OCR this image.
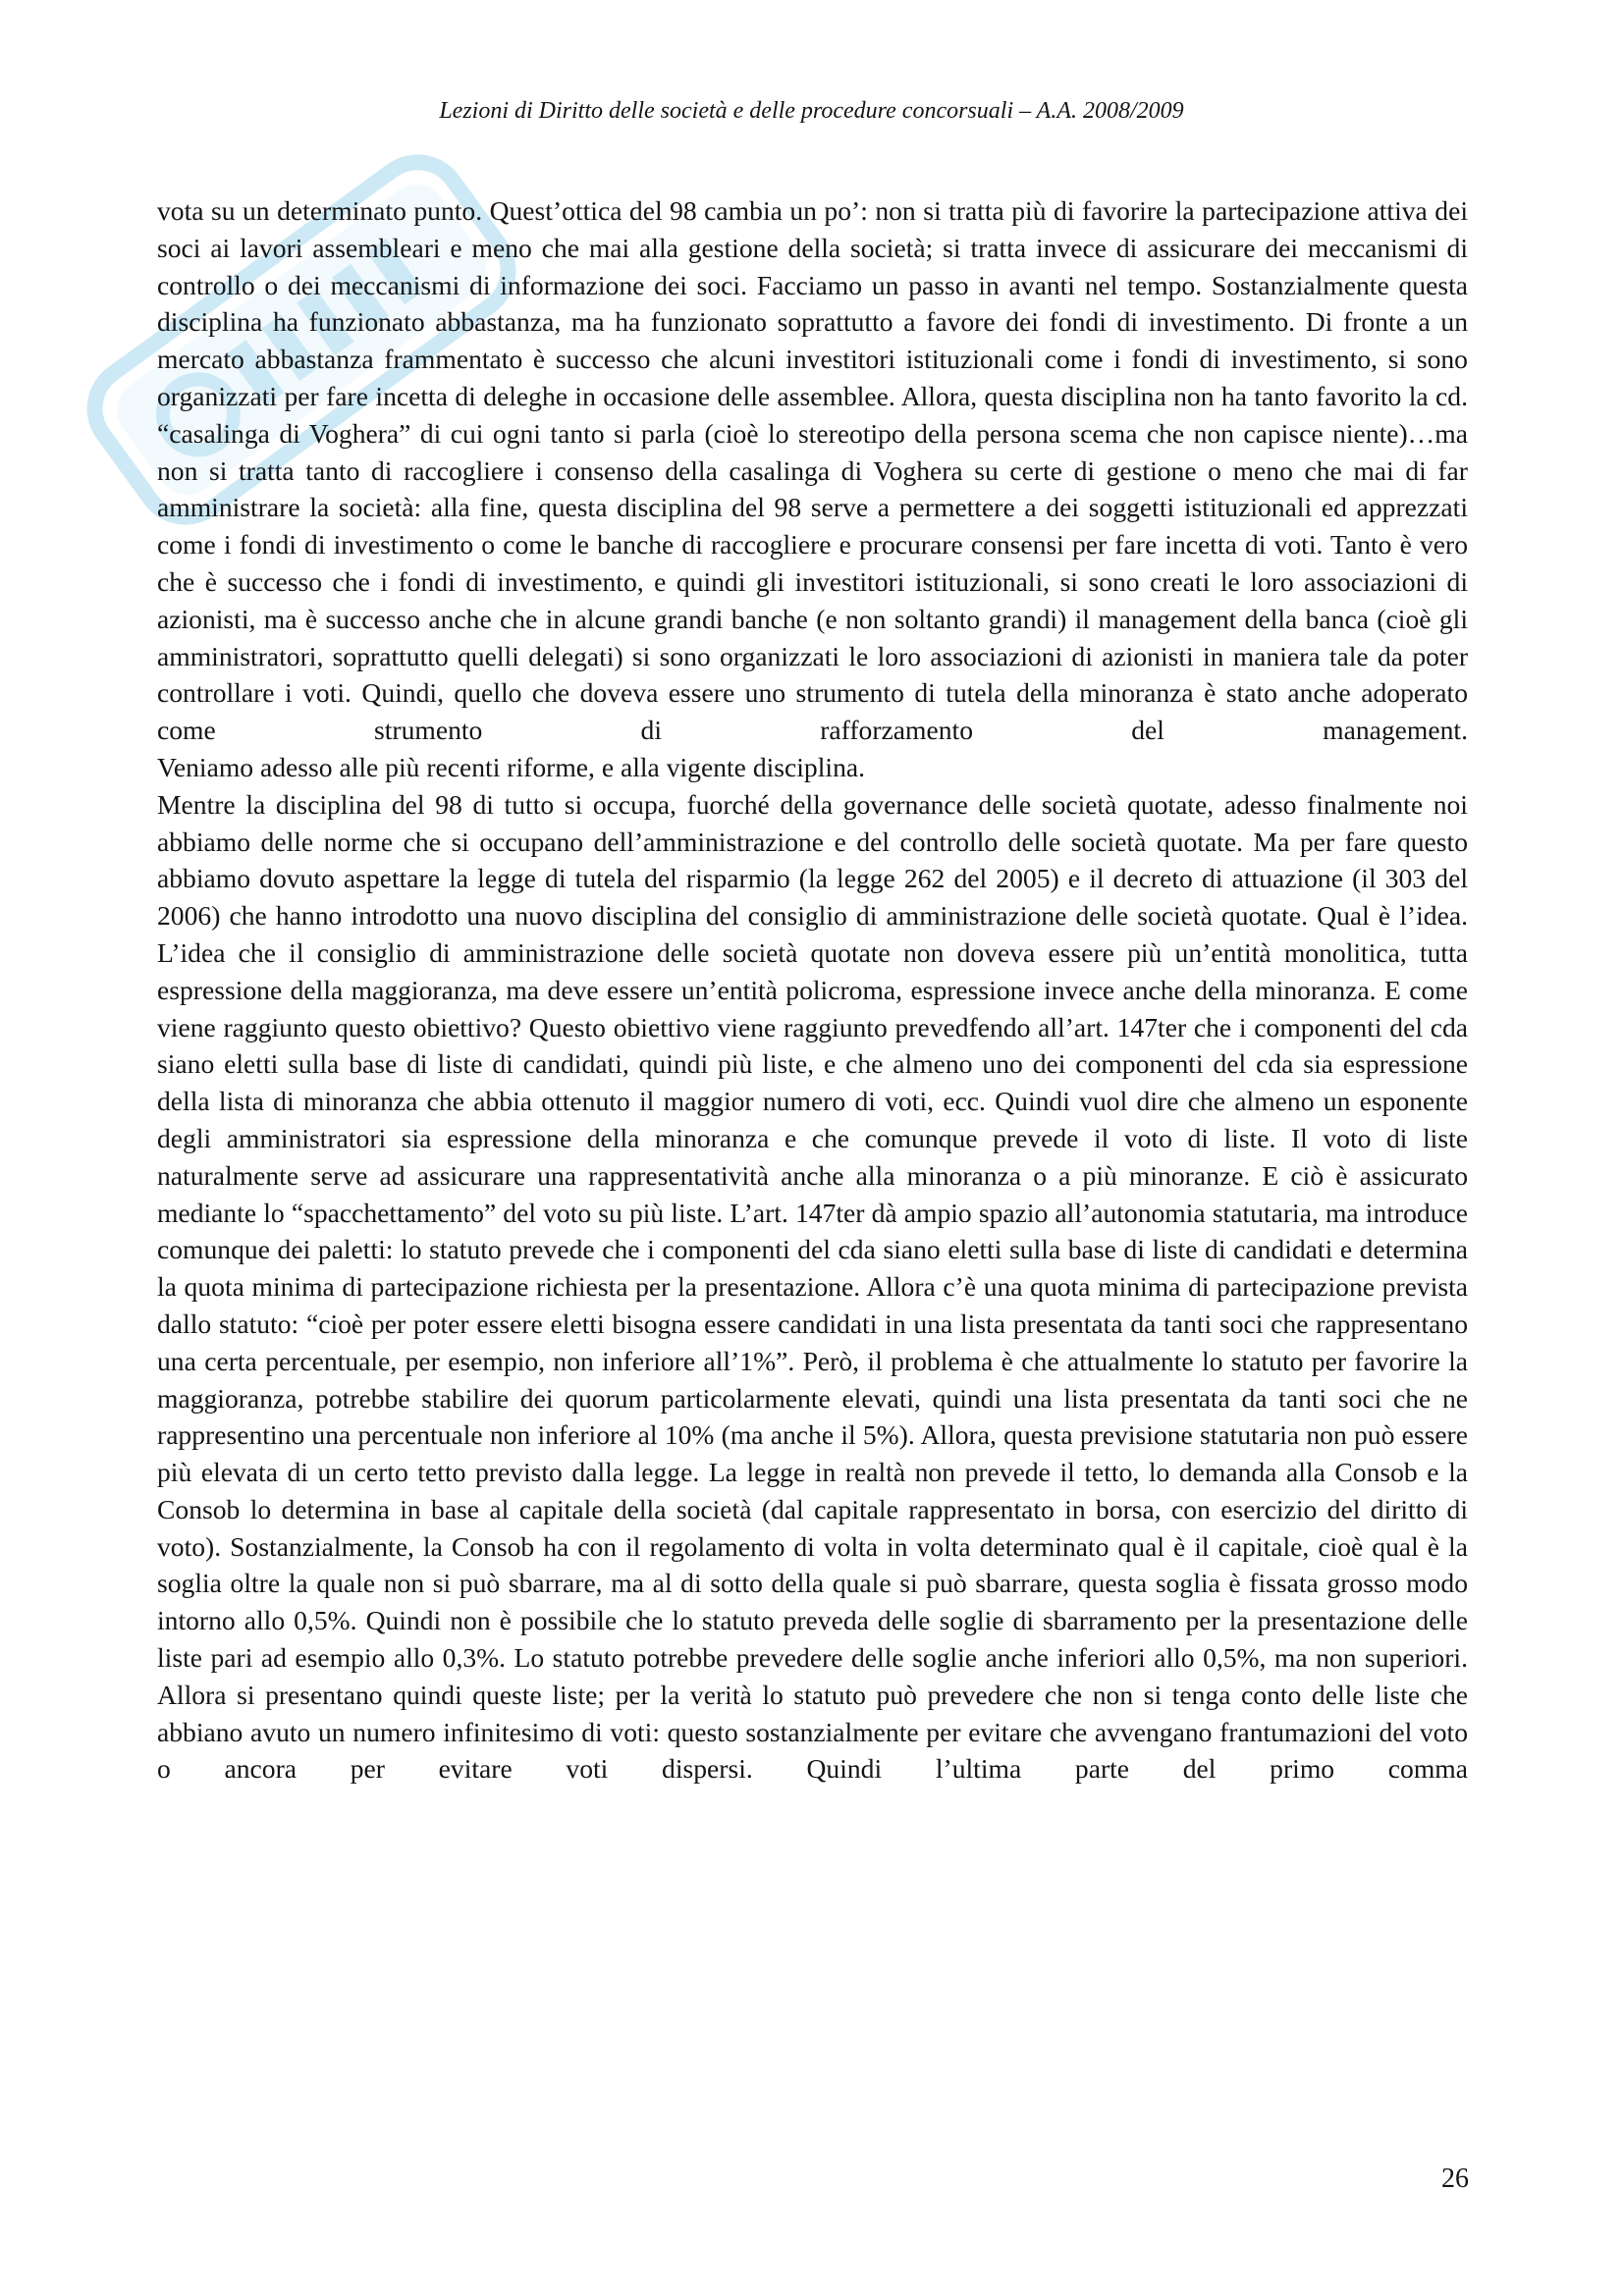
Lezioni di Diritto delle società e delle procedure concorsuali – A.A. 2008/2009

vota su un determinato punto. Quest’ottica del 98 cambia un po’: non si tratta più di favorire la partecipazione attiva dei soci ai lavori assembleari e meno che mai alla gestione della società; si tratta invece di assicurare dei meccanismi di controllo o dei meccanismi di informazione dei soci. Facciamo un passo in avanti nel tempo. Sostanzialmente questa disciplina ha funzionato abbastanza, ma ha funzionato soprattutto a favore dei fondi di investimento. Di fronte a un mercato abbastanza frammentato è successo che alcuni investitori istituzionali come i fondi di investimento, si sono organizzati per fare incetta di deleghe in occasione delle assemblee. Allora, questa disciplina non ha tanto favorito la cd. “casalinga di Voghera” di cui ogni tanto si parla (cioè lo stereotipo della persona scema che non capisce niente)…ma non si tratta tanto di raccogliere i consenso della casalinga di Voghera su certe di gestione o meno che mai di far amministrare la società: alla fine, questa disciplina del 98 serve a permettere a dei soggetti istituzionali ed apprezzati come i fondi di investimento o come le banche di raccogliere e procurare consensi per fare incetta di voti. Tanto è vero che è successo che i fondi di investimento, e quindi gli investitori istituzionali, si sono creati le loro associazioni di azionisti, ma è successo anche che in alcune grandi banche (e non soltanto grandi) il management della banca (cioè gli amministratori, soprattutto quelli delegati) si sono organizzati le loro associazioni di azionisti in maniera tale da poter controllare i voti. Quindi, quello che doveva essere uno strumento di tutela della minoranza è stato anche adoperato come strumento di rafforzamento del management.

Veniamo adesso alle più recenti riforme, e alla vigente disciplina.

Mentre la disciplina del 98 di tutto si occupa, fuorché della governance delle società quotate, adesso finalmente noi abbiamo delle norme che si occupano dell’amministrazione e del controllo delle società quotate. Ma per fare questo abbiamo dovuto aspettare la legge di tutela del risparmio (la legge 262 del 2005) e il decreto di attuazione (il 303 del 2006) che hanno introdotto una nuovo disciplina del consiglio di amministrazione delle società quotate. Qual è l’idea. L’idea che il consiglio di amministrazione delle società quotate non doveva essere più un’entità monolitica, tutta espressione della maggioranza, ma deve essere un’entità policroma, espressione invece anche della minoranza. E come viene raggiunto questo obiettivo? Questo obiettivo viene raggiunto prevedfendo all’art. 147ter che i componenti del cda siano eletti sulla base di liste di candidati, quindi più liste, e che almeno uno dei componenti del cda sia espressione della lista di minoranza che abbia ottenuto il maggior numero di voti, ecc. Quindi vuol dire che almeno un esponente degli amministratori sia espressione della minoranza e che comunque prevede il voto di liste. Il voto di liste naturalmente serve ad assicurare una rappresentatività anche alla minoranza o a più minoranze. E ciò è assicurato mediante lo “spacchettamento” del voto su più liste. L’art. 147ter dà ampio spazio all’autonomia statutaria, ma introduce comunque dei paletti: lo statuto prevede che i componenti del cda siano eletti sulla base di liste di candidati e determina la quota minima di partecipazione richiesta per la presentazione. Allora c’è una quota minima di partecipazione prevista dallo statuto: “cioè per poter essere eletti bisogna essere candidati in una lista presentata da tanti soci che rappresentano una certa percentuale, per esempio, non inferiore all’1%”. Però, il problema è che attualmente lo statuto per favorire la maggioranza, potrebbe stabilire dei quorum particolarmente elevati, quindi una lista presentata da tanti soci che ne rappresentino una percentuale non inferiore al 10% (ma anche il 5%). Allora, questa previsione statutaria non può essere più elevata di un certo tetto previsto dalla legge. La legge in realtà non prevede il tetto, lo demanda alla Consob e la Consob lo determina in base al capitale della società (dal capitale rappresentato in borsa, con esercizio del diritto di voto). Sostanzialmente, la Consob ha con il regolamento di volta in volta determinato qual è il capitale, cioè qual è la soglia oltre la quale non si può sbarrare, ma al di sotto della quale si può sbarrare, questa soglia è fissata grosso modo intorno allo 0,5%. Quindi non è possibile che lo statuto preveda delle soglie di sbarramento per la presentazione delle liste pari ad esempio allo 0,3%. Lo statuto potrebbe prevedere delle soglie anche inferiori allo 0,5%, ma non superiori. Allora si presentano quindi queste liste; per la verità lo statuto può prevedere che non si tenga conto delle liste che abbiano avuto un numero infinitesimo di voti: questo sostanzialmente per evitare che avvengano frantumazioni del voto o ancora per evitare voti dispersi. Quindi l’ultima parte del primo comma

26
